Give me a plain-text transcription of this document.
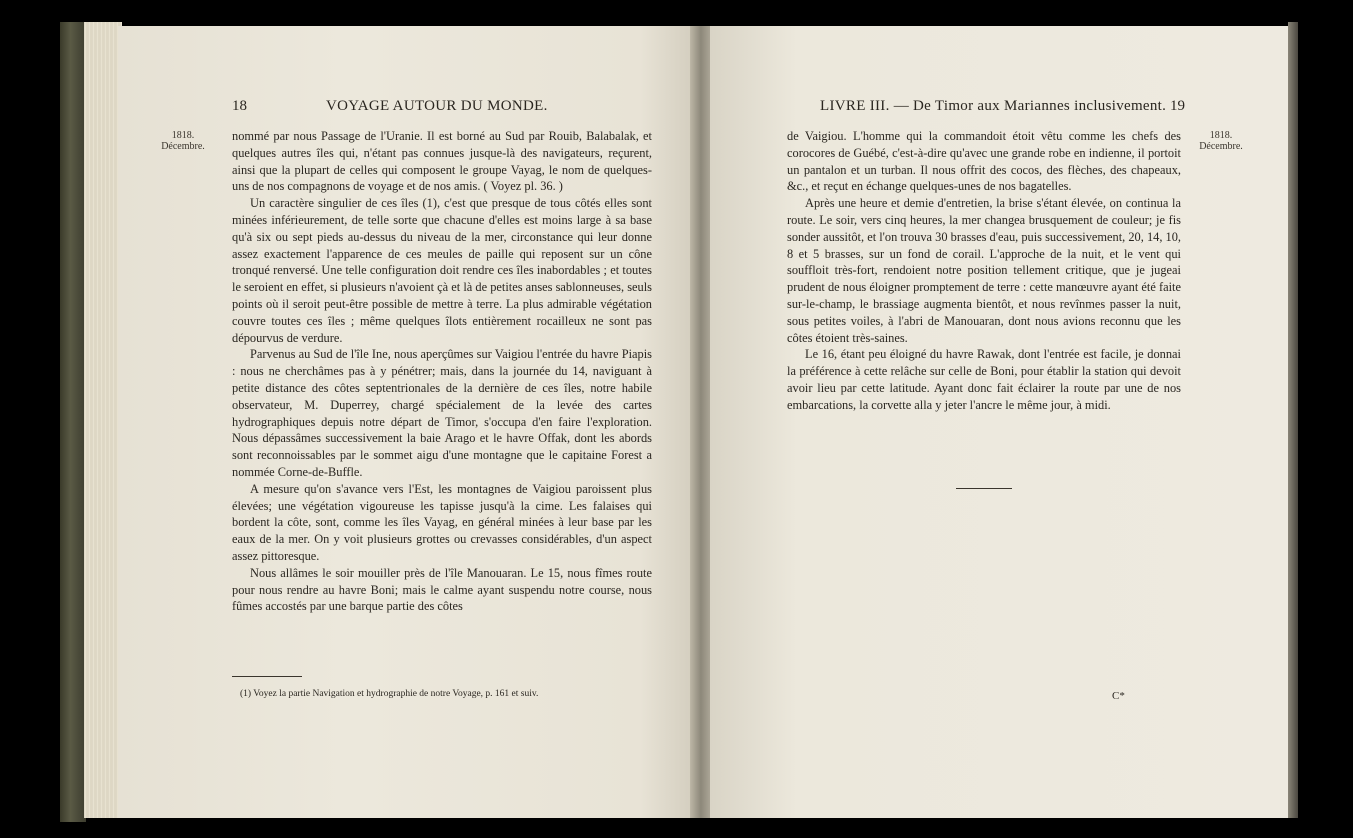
18	VOYAGE AUTOUR DU MONDE.
1818.
Décembre.

nommé par nous Passage de l'Uranie. Il est borné au Sud par Rouib, Balabalak, et quelques autres îles qui, n'étant pas connues jusque-là des navigateurs, reçurent, ainsi que la plupart de celles qui composent le groupe Vayag, le nom de quelques-uns de nos compagnons de voyage et de nos amis. ( Voyez pl. 36. )

Un caractère singulier de ces îles (1), c'est que presque de tous côtés elles sont minées inférieurement, de telle sorte que chacune d'elles est moins large à sa base qu'à six ou sept pieds au-dessus du niveau de la mer, circonstance qui leur donne assez exactement l'apparence de ces meules de paille qui reposent sur un cône tronqué renversé. Une telle configuration doit rendre ces îles inabordables ; et toutes le seroient en effet, si plusieurs n'avoient çà et là de petites anses sablonneuses, seuls points où il seroit peut-être possible de mettre à terre. La plus admirable végétation couvre toutes ces îles ; même quelques îlots entièrement rocailleux ne sont pas dépourvus de verdure.

Parvenus au Sud de l'île Ine, nous aperçûmes sur Vaigiou l'entrée du havre Piapis : nous ne cherchâmes pas à y pénétrer; mais, dans la journée du 14, naviguant à petite distance des côtes septentrionales de la dernière de ces îles, notre habile observateur, M. Duperrey, chargé spécialement de la levée des cartes hydrographiques depuis notre départ de Timor, s'occupa d'en faire l'exploration. Nous dépassâmes successivement la baie Arago et le havre Offak, dont les abords sont reconnoissables par le sommet aigu d'une montagne que le capitaine Forest a nommée Corne-de-Buffle.

A mesure qu'on s'avance vers l'Est, les montagnes de Vaigiou paroissent plus élevées; une végétation vigoureuse les tapisse jusqu'à la cime. Les falaises qui bordent la côte, sont, comme les îles Vayag, en général minées à leur base par les eaux de la mer. On y voit plusieurs grottes ou crevasses considérables, d'un aspect assez pittoresque.

Nous allâmes le soir mouiller près de l'île Manouaran. Le 15, nous fîmes route pour nous rendre au havre Boni; mais le calme ayant suspendu notre course, nous fûmes accostés par une barque partie des côtes

(1) Voyez la partie Navigation et hydrographie de notre Voyage, p. 161 et suiv.
LIVRE III. — De Timor aux Mariannes inclusivement. 19
1818.
Décembre.

de Vaigiou. L'homme qui la commandoit étoit vêtu comme les chefs des corocores de Guébé, c'est-à-dire qu'avec une grande robe en indienne, il portoit un pantalon et un turban. Il nous offrit des cocos, des flèches, des chapeaux, &c., et reçut en échange quelques-unes de nos bagatelles.

Après une heure et demie d'entretien, la brise s'étant élevée, on continua la route. Le soir, vers cinq heures, la mer changea brusquement de couleur; je fis sonder aussitôt, et l'on trouva 30 brasses d'eau, puis successivement, 20, 14, 10, 8 et 5 brasses, sur un fond de corail. L'approche de la nuit, et le vent qui souffloit très-fort, rendoient notre position tellement critique, que je jugeai prudent de nous éloigner promptement de terre : cette manœuvre ayant été faite sur-le-champ, le brassiage augmenta bientôt, et nous revînmes passer la nuit, sous petites voiles, à l'abri de Manouaran, dont nous avions reconnu que les côtes étoient très-saines.

Le 16, étant peu éloigné du havre Rawak, dont l'entrée est facile, je donnai la préférence à cette relâche sur celle de Boni, pour établir la station qui devoit avoir lieu par cette latitude. Ayant donc fait éclairer la route par une de nos embarcations, la corvette alla y jeter l'ancre le même jour, à midi.

C*
